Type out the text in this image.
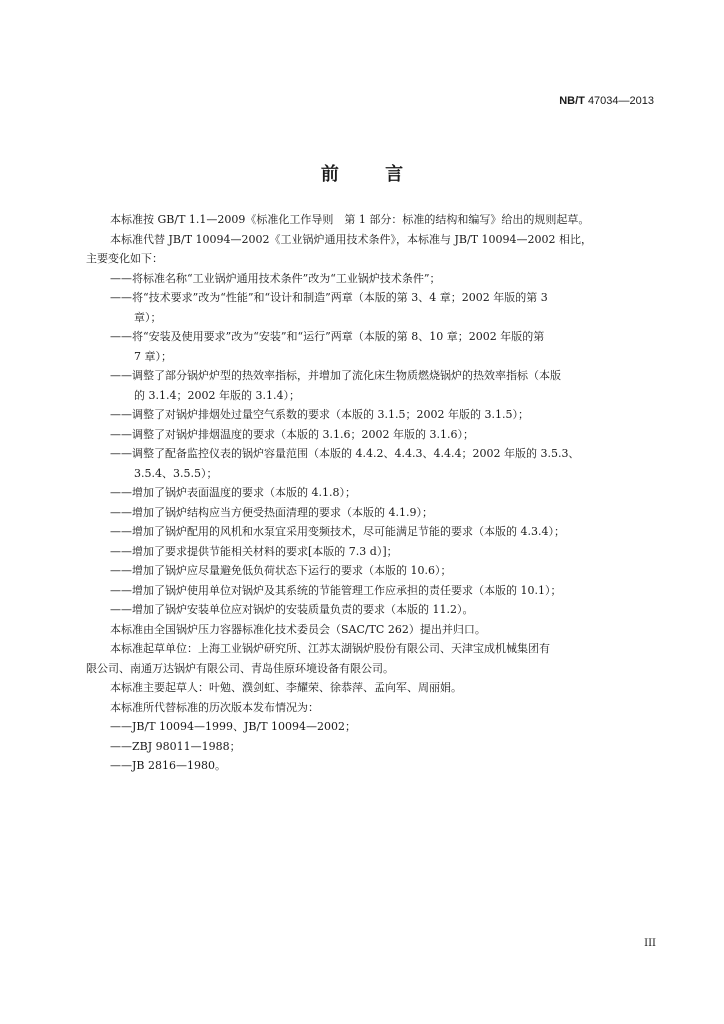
NB/T 47034—2013
前	言
本标准按 GB/T 1.1—2009《标准化工作导则　第 1 部分：标准的结构和编写》给出的规则起草。
本标准代替 JB/T 10094—2002《工业锅炉通用技术条件》，本标准与 JB/T 10094—2002 相比，
主要变化如下：
——将标准名称“工业锅炉通用技术条件”改为“工业锅炉技术条件”；
——将“技术要求”改为“性能”和“设计和制造”两章（本版的第 3、4 章；2002 年版的第 3
章）；
——将“安装及使用要求”改为“安装”和“运行”两章（本版的第 8、10 章；2002 年版的第
7 章）；
——调整了部分锅炉炉型的热效率指标，并增加了流化床生物质燃烧锅炉的热效率指标（本版
的 3.1.4；2002 年版的 3.1.4）；
——调整了对锅炉排烟处过量空气系数的要求（本版的 3.1.5；2002 年版的 3.1.5）；
——调整了对锅炉排烟温度的要求（本版的 3.1.6；2002 年版的 3.1.6）；
——调整了配备监控仪表的锅炉容量范围（本版的 4.4.2、4.4.3、4.4.4；2002 年版的 3.5.3、
3.5.4、3.5.5）；
——增加了锅炉表面温度的要求（本版的 4.1.8）；
——增加了锅炉结构应当方便受热面清理的要求（本版的 4.1.9）；
——增加了锅炉配用的风机和水泵宜采用变频技术，尽可能满足节能的要求（本版的 4.3.4）；
——增加了要求提供节能相关材料的要求[本版的 7.3 d）]；
——增加了锅炉应尽量避免低负荷状态下运行的要求（本版的 10.6）；
——增加了锅炉使用单位对锅炉及其系统的节能管理工作应承担的责任要求（本版的 10.1）；
——增加了锅炉安装单位应对锅炉的安装质量负责的要求（本版的 11.2）。
本标准由全国锅炉压力容器标准化技术委员会（SAC/TC 262）提出并归口。
本标准起草单位：上海工业锅炉研究所、江苏太湖锅炉股份有限公司、天津宝成机械集团有
限公司、南通万达锅炉有限公司、青岛佳原环境设备有限公司。
本标准主要起草人：叶勉、濮剑虹、李耀荣、徐恭萍、孟向军、周丽娟。
本标准所代替标准的历次版本发布情况为：
——JB/T 10094—1999、JB/T 10094—2002；
——ZBJ 98011—1988；
——JB 2816—1980。
III
